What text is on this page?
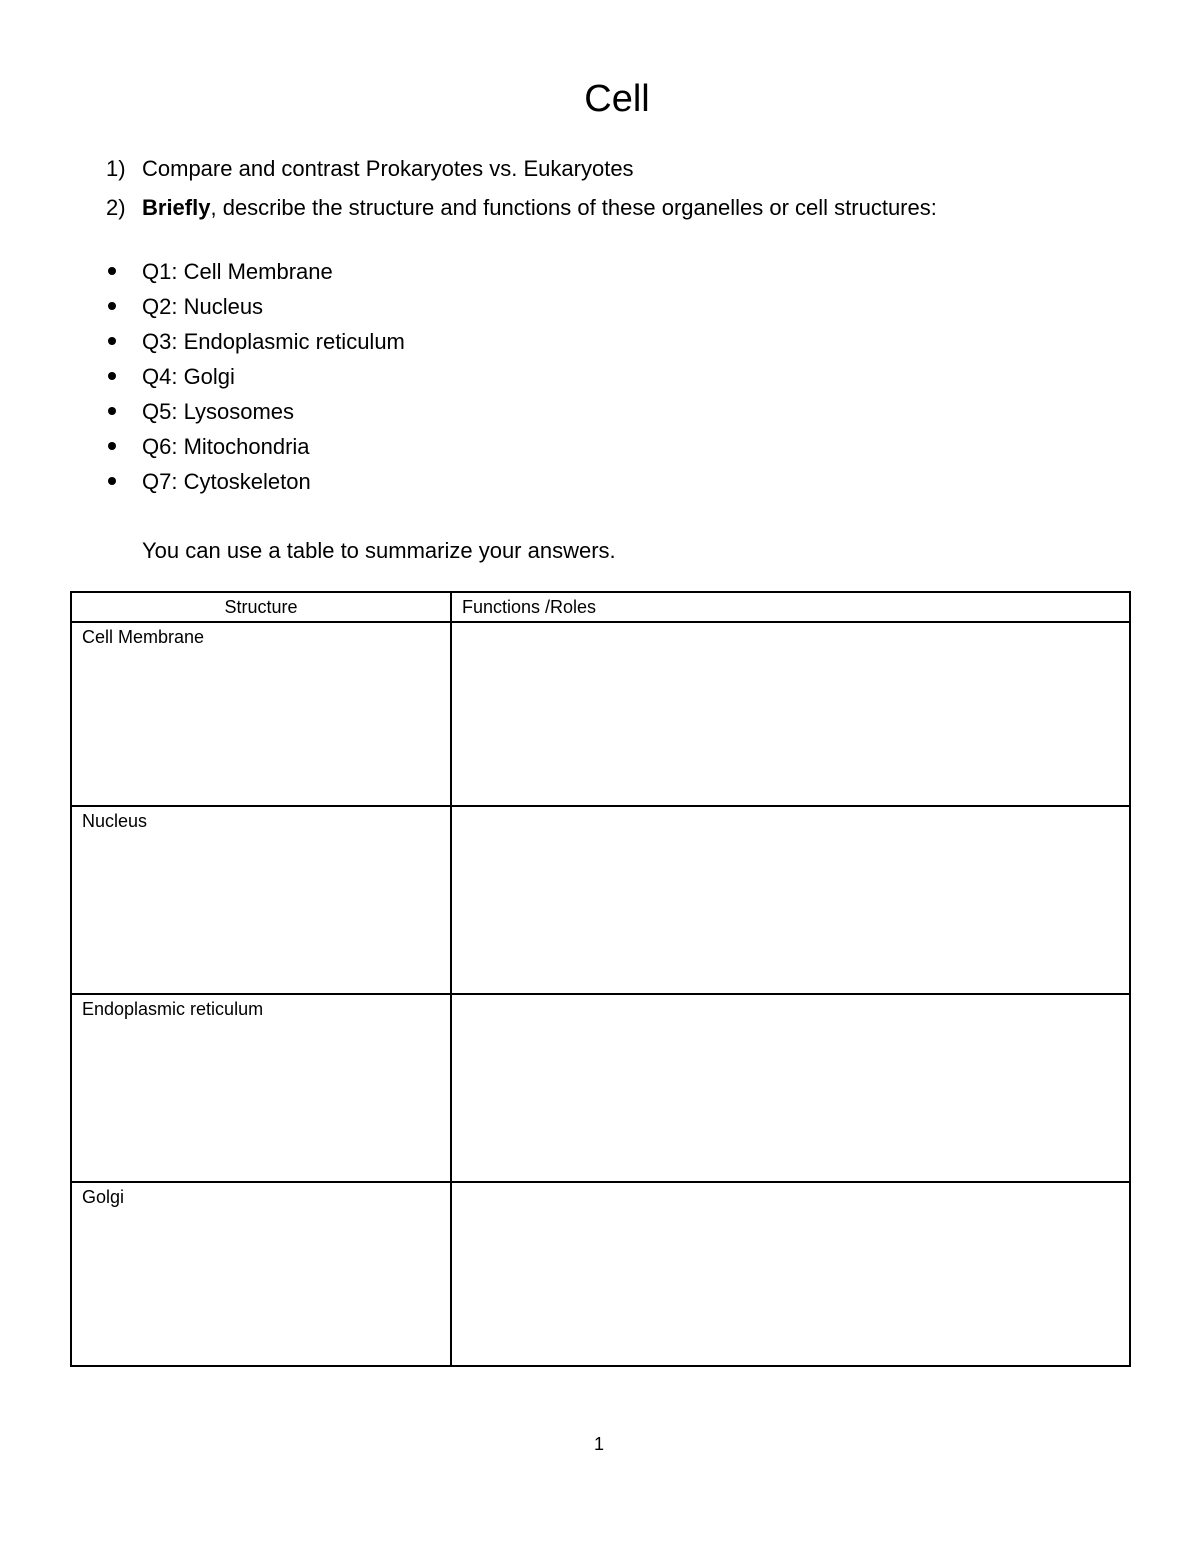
Cell
1) Compare and contrast Prokaryotes vs. Eukaryotes
2) Briefly, describe the structure and functions of these organelles or cell structures:
Q1: Cell Membrane
Q2: Nucleus
Q3: Endoplasmic reticulum
Q4: Golgi
Q5: Lysosomes
Q6: Mitochondria
Q7: Cytoskeleton
You can use a table to summarize your answers.
Structure	Functions /Roles
Cell Membrane	
Nucleus	
Endoplasmic reticulum	
Golgi	
1
